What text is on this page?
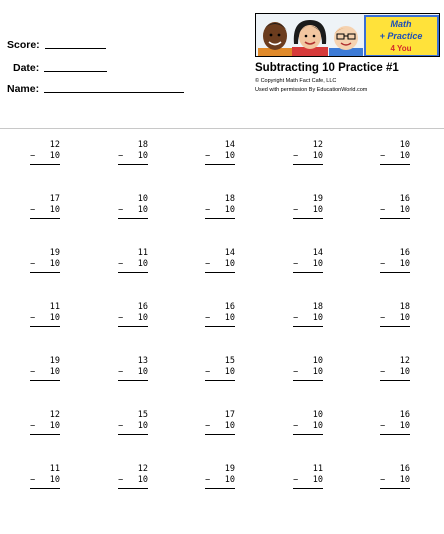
Score:
Date:
Name:
Math
+ Practice
4 You
Subtracting 10 Practice #1
© Copyright Math Fact Cafe, LLC
Used with permission By EducationWorld.com
12
− 10
18
− 10
14
− 10
12
− 10
10
− 10
17
− 10
10
− 10
18
− 10
19
− 10
16
− 10
19
− 10
11
− 10
14
− 10
14
− 10
16
− 10
11
− 10
16
− 10
16
− 10
18
− 10
18
− 10
19
− 10
13
− 10
15
− 10
10
− 10
12
− 10
12
− 10
15
− 10
17
− 10
10
− 10
16
− 10
11
− 10
12
− 10
19
− 10
11
− 10
16
− 10
